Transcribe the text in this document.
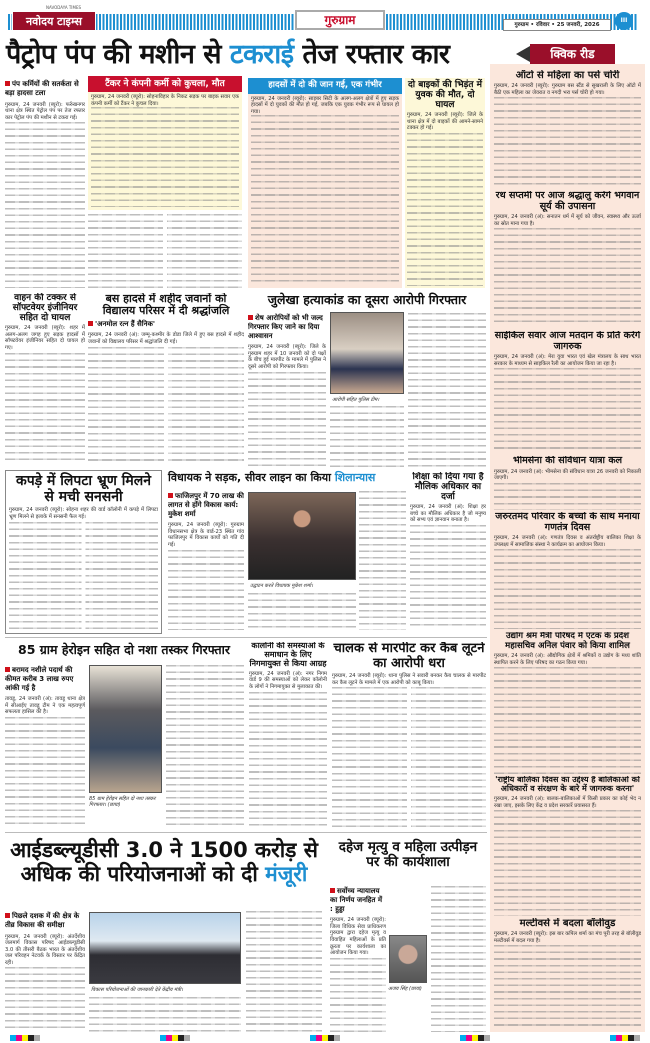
NAVODAYA TIMES
नवोदय टाइम्स	गुरुग्राम	गुरुग्राम • रविवार • 25 जनवरी, 2026
III
पैट्रोप पंप की मशीन से टकराई तेज रफ्तार कार	क्विक रीड
ऑटो से महिला का पर्स चोरी
गुरुग्राम, 24 जनवरी (ब्यूरो): गुरुग्राम बस स्टैंड से सुखराली के लिए ऑटो में बैठी एक महिला का जेवरात व नगदी भरा पर्स चोरी हो गया।
रथ सप्तमी पर आज श्रद्धालु करेंगे भगवान सूर्य की उपासना
गुरुग्राम, 24 जनवरी (अं): सनातन धर्म में सूर्य को जीवन, स्वास्थ्य और ऊर्जा का स्रोत माना गया है।
साईकिल सवार आज मतदान के प्रति करेंगे जागरुक
गुरुग्राम, 24 जनवरी (अं): मेरा युवा भारत एवं खेल मंत्रालय के साथ भारत सरकार के माध्यम से साइकिल रैली का आयोजन किया जा रहा है।
भीमसेना की संविधान यात्रा कल
गुरुग्राम, 24 जनवरी (अं): भीमसेना की संविधान यात्रा 26 जनवरी को निकाली जाएगी।
जरुरतमंद परिवार के बच्चों के साथ मनाया गणतंत्र दिवस
गुरुग्राम, 24 जनवरी (अं): गणतंत्र दिवस व अंतर्राष्ट्रीय बालिका शिक्षा के उपलक्ष्य में सामाजिक संस्था ने कार्यक्रम का आयोजन किया।
उद्योग श्रम मैत्री परिषद में एटक के प्रदेश महासचिव अनिल पंवार को किया शामिल
गुरुग्राम, 24 जनवरी (अं): औद्योगिक क्षेत्रों में श्रमिकों व उद्योग के मध्य शांति स्थापित करने के लिए परिषद का गठन किया गया।
'राष्ट्रीय बालिका दिवस का उद्देश्य है बालिकाओं को अधिकारों व संरक्षण के बारे में जागरुक करना'
गुरुग्राम, 24 जनवरी (अं): बालक-बालिकाओं में किसी प्रकार का कोई भेद न रखा जाए, इसके लिए केंद्र व प्रदेश सरकारें प्रयासरत हैं।
मल्टीवर्स में बदला बॉलीवुड
गुरुग्राम, 24 जनवरी (ब्यूरो): इस बार कपिल शर्मा का मंच पूरी तरह से बॉलीवुड मल्टीवर्स में बदल गया है।
पंप कर्मियों की सतर्कता से बड़ा हादसा टला
गुरुग्राम, 24 जनवरी (ब्यूरो): फर्रुखनगर थाना क्षेत्र स्थित पेट्रोल पंप पर तेज रफ्तार कार पेट्रोल पंप की मशीन से टकरा गई।
टैंकर ने कंपनी कर्मी को कुचला, मौत
गुरुग्राम, 24 जनवरी (ब्यूरो): सोहनाविहार के निकट सड़क पर बाइक सवार एक कंपनी कर्मी को टैंकर ने कुचल दिया।
हादसों में दो की जान गई, एक गंभीर
गुरुग्राम, 24 जनवरी (ब्यूरो): साइबर सिटी के अलग-अलग क्षेत्रों में हुए सड़क हादसों में दो युवकों की मौत हो गई, जबकि एक युवक गंभीर रूप से घायल हो गया।
दो बाइकों की भिड़ंत में युवक की मौत, दो घायल
गुरुग्राम, 24 जनवरी (ब्यूरो): जिले के थाना क्षेत्र में दो बाइकों की आमने-सामने टक्कर हो गई।
वाहन की टक्कर से सॉफ्टवेयर इंजीनियर सहित दो घायल
गुरुग्राम, 24 जनवरी (ब्यूरो): शहर में अलग-अलग जगह हुए सड़क हादसों में सॉफ्टवेयर इंजीनियर सहित दो घायल हो गए।
बस हादसे में शहीद जवानों को विद्यालय परिसर में दी श्रद्धांजलि
'अनमोल रत्न हैं सैनिक'
गुरुग्राम, 24 जनवरी (अं): जम्मू-कश्मीर के डोडा जिले में हुए बस हादसे में शहीद जवानों को विद्यालय परिसर में श्रद्धांजलि दी गई।
जुलेखा हत्याकांड का दूसरा आरोपी गिरफ्तार
शेष आरोपियों को भी जल्द गिरफ्तार किए जाने का दिया आश्वासन
गुरुग्राम, 24 जनवरी (ब्यूरो): जिले के गुरुग्राम शहर में 10 जनवरी को दो पक्षों के बीच हुई मारपीट के मामले में पुलिस ने दूसरे आरोपी को गिरफ्तार किया।
आरोपी सहित पुलिस टीम।
कपड़े में लिपटा भ्रूण मिलने से मची सनसनी
गुरुग्राम, 24 जनवरी (ब्यूरो): सोहना शहर की वार्ड कॉलोनी में कपड़े में लिपटा भ्रूण मिलने से इलाके में सनसनी फैल गई।
विधायक ने सड़क, सीवर लाइन का किया शिलान्यास
फाजिलपुर में 70 लाख की लागत से होंगे विकास कार्य: मुकेश शर्मा
गुरुग्राम, 24 जनवरी (ब्यूरो): गुरुग्राम विधानसभा क्षेत्र के वार्ड-23 स्थित गांव फाजिलपुर में विकास कार्यों को गति दी गई।
उद्घाटन करते विधायक मुकेश शर्मा।
शिक्षा को दिया गया है मौलिक अधिकार का दर्जा
गुरुग्राम, 24 जनवरी (अं): शिक्षा हर बच्चे का मौलिक अधिकार है जो मनुष्य को सभ्य एवं ज्ञानवान बनाता है।
85 ग्राम हेरोइन सहित दो नशा तस्कर गिरफ्तार
बरामद नशीले पदार्थ की कीमत करीब 3 लाख रुपए आंकी गई है
तावडू, 24 जनवरी (अं): तावडू थाना क्षेत्र में सीआईए तावडू टीम ने एक महत्वपूर्ण सफलता हासिल की है।
85 ग्राम हेरोइन सहित दो नशा तस्कर गिरफ्तार। (छाया)
कालोनी की समस्याओं के समाधान के लिए निगमायुक्त से किया आग्रह
गुरुग्राम, 24 जनवरी (अं): नगर निगम वार्ड 9 की समस्याओं को लेकर कॉलोनी के लोगों ने निगमायुक्त से मुलाकात की।
चालक से मारपीट कर कैब लूटने का आरोपी धरा
गुरुग्राम, 24 जनवरी (ब्यूरो): थाना पुलिस ने सवारी बनकर कैब चालक से मारपीट कर कैब लूटने के मामले में एक आरोपी को काबू किया।
आईडब्ल्यूडीसी 3.0 ने 1500 करोड़ से अधिक की परियोजनाओं को दी मंजूरी
पिछले दशक में की क्षेत्र के तीव्र विकास की समीक्षा
गुरुग्राम, 24 जनवरी (ब्यूरो): अंतर्देशीय जलमार्ग विकास परिषद आईडब्ल्यूडीसी 3.0 की तीसरी बैठक भारत के अंतर्देशीय जल परिवहन नेटवर्क के विस्तार पर केंद्रित रही।
विकास परियोजनाओं की जानकारी देते केंद्रीय मंत्री।
दहेज मृत्यु व महिला उत्पीड़न पर की कार्यशाला
सर्वोच्च न्यायालय का निर्णय जनहित में : हुड्डा
गुरुग्राम, 24 जनवरी (ब्यूरो): जिला विधिक सेवा प्राधिकरण गुरुग्राम द्वारा दहेज मृत्यु व विवाहित महिलाओं के प्रति क्रूरता पर कार्यशाला का आयोजन किया गया।
अजय सिंह (छाया)
